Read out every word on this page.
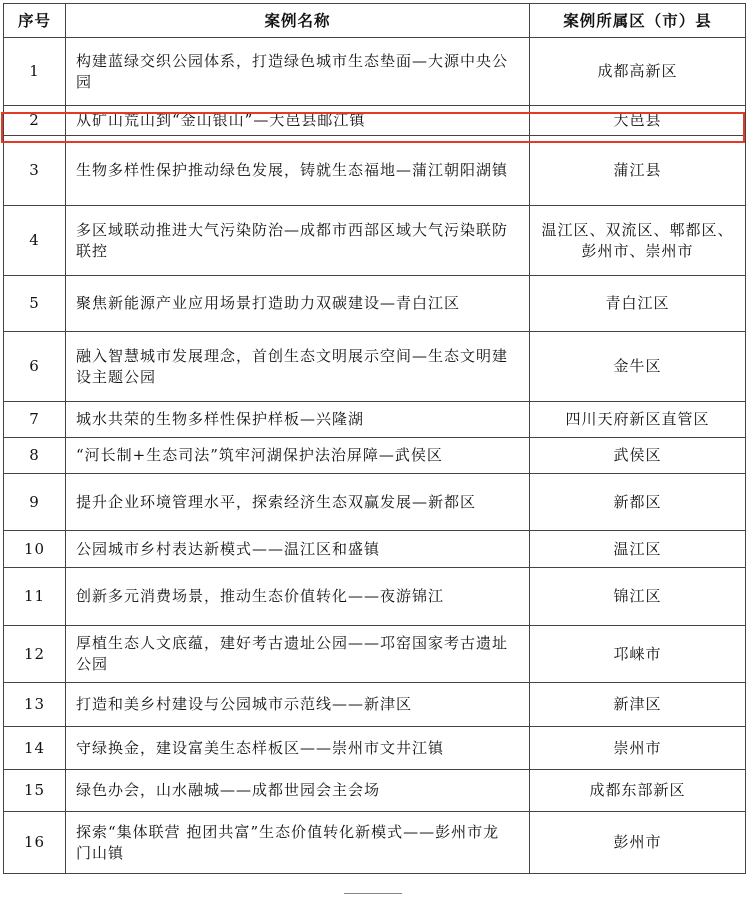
序号	案例名称	案例所属区（市）县
1	构建蓝绿交织公园体系，打造绿色城市生态垫面—大源中央公园	成都高新区
2	从矿山荒山到“金山银山”—大邑县邮江镇	大邑县
3	生物多样性保护推动绿色发展，铸就生态福地—蒲江朝阳湖镇	蒲江县
4	多区域联动推进大气污染防治—成都市西部区域大气污染联防联控	温江区、双流区、郫都区、彭州市、崇州市
5	聚焦新能源产业应用场景打造助力双碳建设—青白江区	青白江区
6	融入智慧城市发展理念，首创生态文明展示空间—生态文明建设主题公园	金牛区
7	城水共荣的生物多样性保护样板—兴隆湖	四川天府新区直管区
8	“河长制+生态司法”筑牢河湖保护法治屏障—武侯区	武侯区
9	提升企业环境管理水平，探索经济生态双赢发展—新都区	新都区
10	公园城市乡村表达新模式——温江区和盛镇	温江区
11	创新多元消费场景，推动生态价值转化——夜游锦江	锦江区
12	厚植生态人文底蕴，建好考古遗址公园——邛窑国家考古遗址公园	邛崃市
13	打造和美乡村建设与公园城市示范线——新津区	新津区
14	守绿换金，建设富美生态样板区——崇州市文井江镇	崇州市
15	绿色办会，山水融城——成都世园会主会场	成都东部新区
16	探索“集体联营 抱团共富”生态价值转化新模式——彭州市龙门山镇	彭州市
